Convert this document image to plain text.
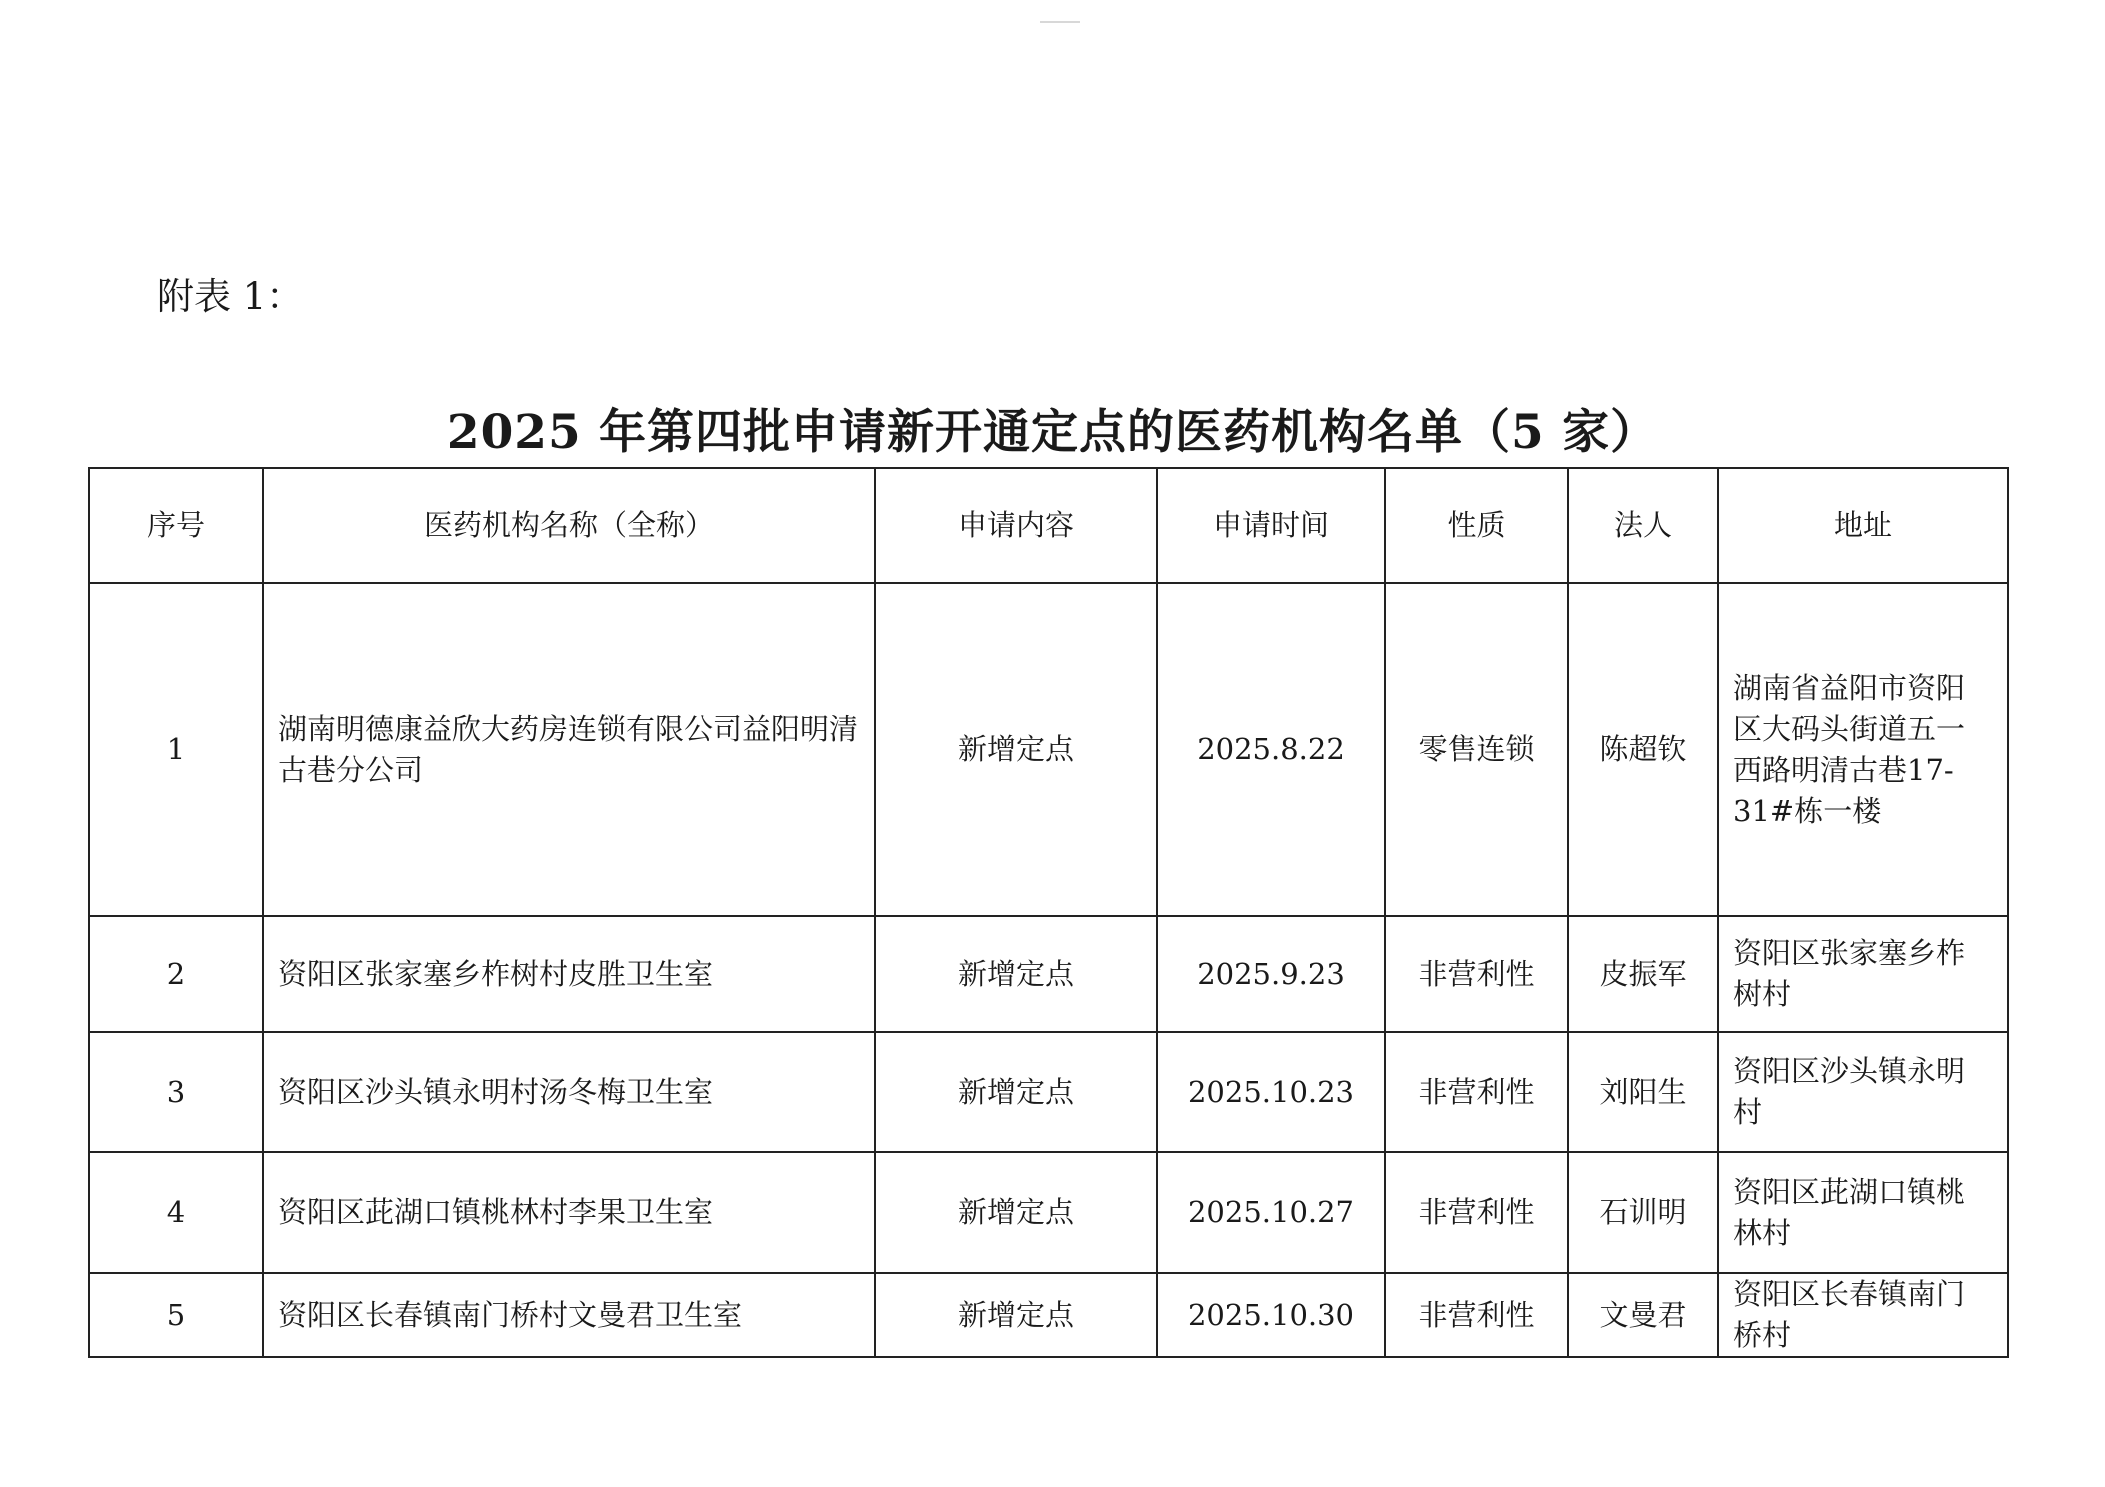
附表 1：
2025 年第四批申请新开通定点的医药机构名单（5 家）
序号	医药机构名称（全称）	申请内容	申请时间	性质	法人	地址
1	湖南明德康益欣大药房连锁有限公司益阳明清古巷分公司	新增定点	2025.8.22	零售连锁	陈超钦	湖南省益阳市资阳区大码头街道五一西路明清古巷17-31#栋一楼
2	资阳区张家塞乡柞树村皮胜卫生室	新增定点	2025.9.23	非营利性	皮振军	资阳区张家塞乡柞树村
3	资阳区沙头镇永明村汤冬梅卫生室	新增定点	2025.10.23	非营利性	刘阳生	资阳区沙头镇永明村
4	资阳区茈湖口镇桃林村李果卫生室	新增定点	2025.10.27	非营利性	石训明	资阳区茈湖口镇桃林村
5	资阳区长春镇南门桥村文曼君卫生室	新增定点	2025.10.30	非营利性	文曼君	资阳区长春镇南门桥村
